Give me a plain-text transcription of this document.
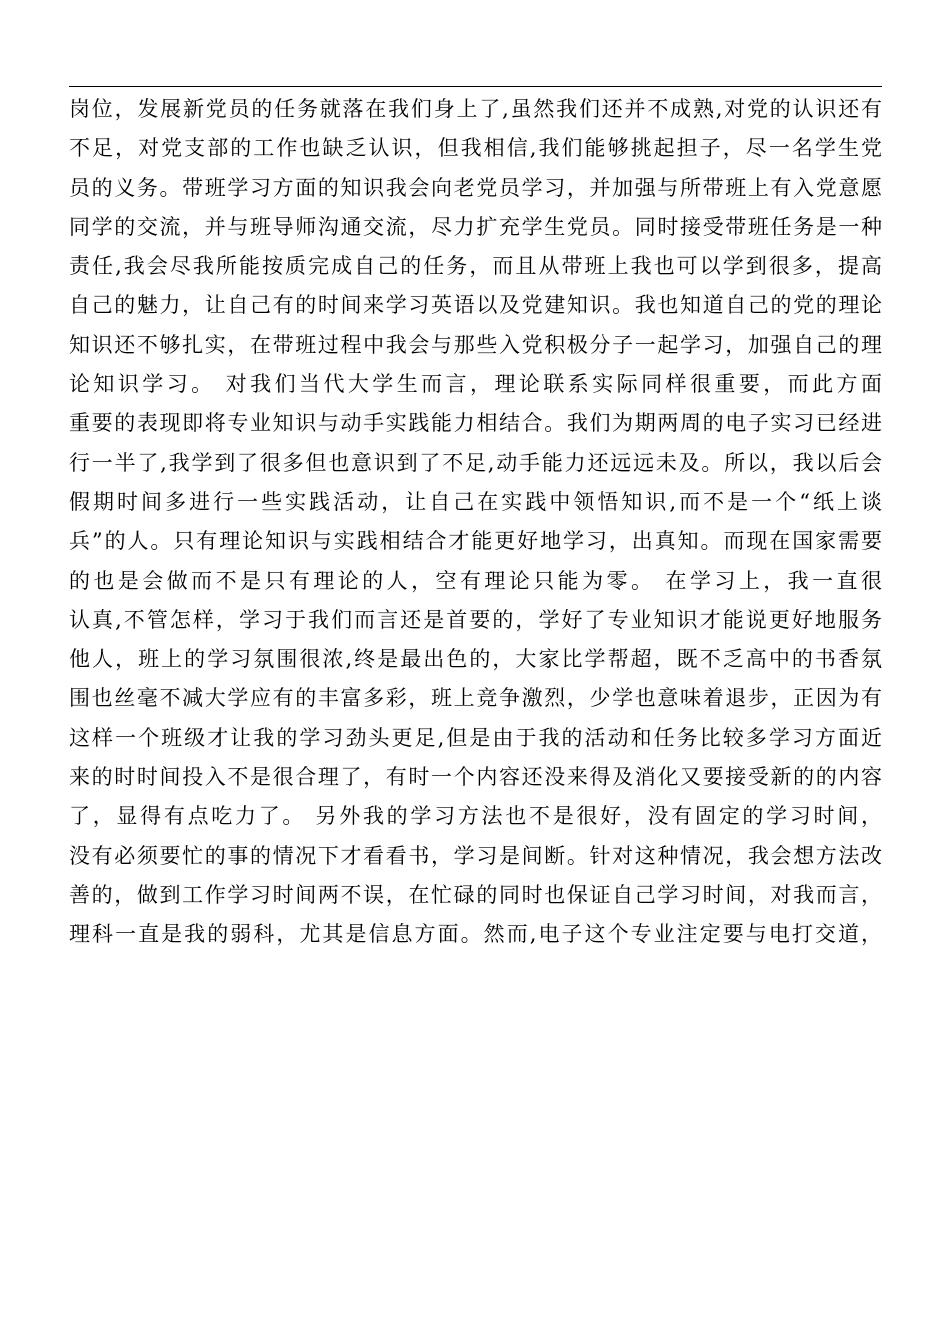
岗位，发展新党员的任务就落在我们身上了,虽然我们还并不成熟,对党的认识还有
不足，对党支部的工作也缺乏认识，但我相信,我们能够挑起担子，尽一名学生党
员的义务。带班学习方面的知识我会向老党员学习，并加强与所带班上有入党意愿
同学的交流，并与班导师沟通交流，尽力扩充学生党员。同时接受带班任务是一种
责任,我会尽我所能按质完成自己的任务，而且从带班上我也可以学到很多，提高
自己的魅力，让自己有的时间来学习英语以及党建知识。我也知道自己的党的理论
知识还不够扎实，在带班过程中我会与那些入党积极分子一起学习，加强自己的理
论知识学习。 对我们当代大学生而言，理论联系实际同样很重要，而此方面
重要的表现即将专业知识与动手实践能力相结合。我们为期两周的电子实习已经进
行一半了,我学到了很多但也意识到了不足,动手能力还远远未及。所以，我以后会
假期时间多进行一些实践活动，让自己在实践中领悟知识,而不是一个“纸上谈
兵”的人。只有理论知识与实践相结合才能更好地学习，出真知。而现在国家需要
的也是会做而不是只有理论的人，空有理论只能为零。 在学习上，我一直很
认真,不管怎样，学习于我们而言还是首要的，学好了专业知识才能说更好地服务
他人，班上的学习氛围很浓,终是最出色的，大家比学帮超，既不乏高中的书香氛
围也丝毫不减大学应有的丰富多彩，班上竞争激烈，少学也意味着退步，正因为有
这样一个班级才让我的学习劲头更足,但是由于我的活动和任务比较多学习方面近
来的时时间投入不是很合理了，有时一个内容还没来得及消化又要接受新的的内容
了，显得有点吃力了。 另外我的学习方法也不是很好，没有固定的学习时间，
没有必须要忙的事的情况下才看看书，学习是间断。针对这种情况，我会想方法改
善的，做到工作学习时间两不误，在忙碌的同时也保证自己学习时间，对我而言，
理科一直是我的弱科，尤其是信息方面。然而,电子这个专业注定要与电打交道，
